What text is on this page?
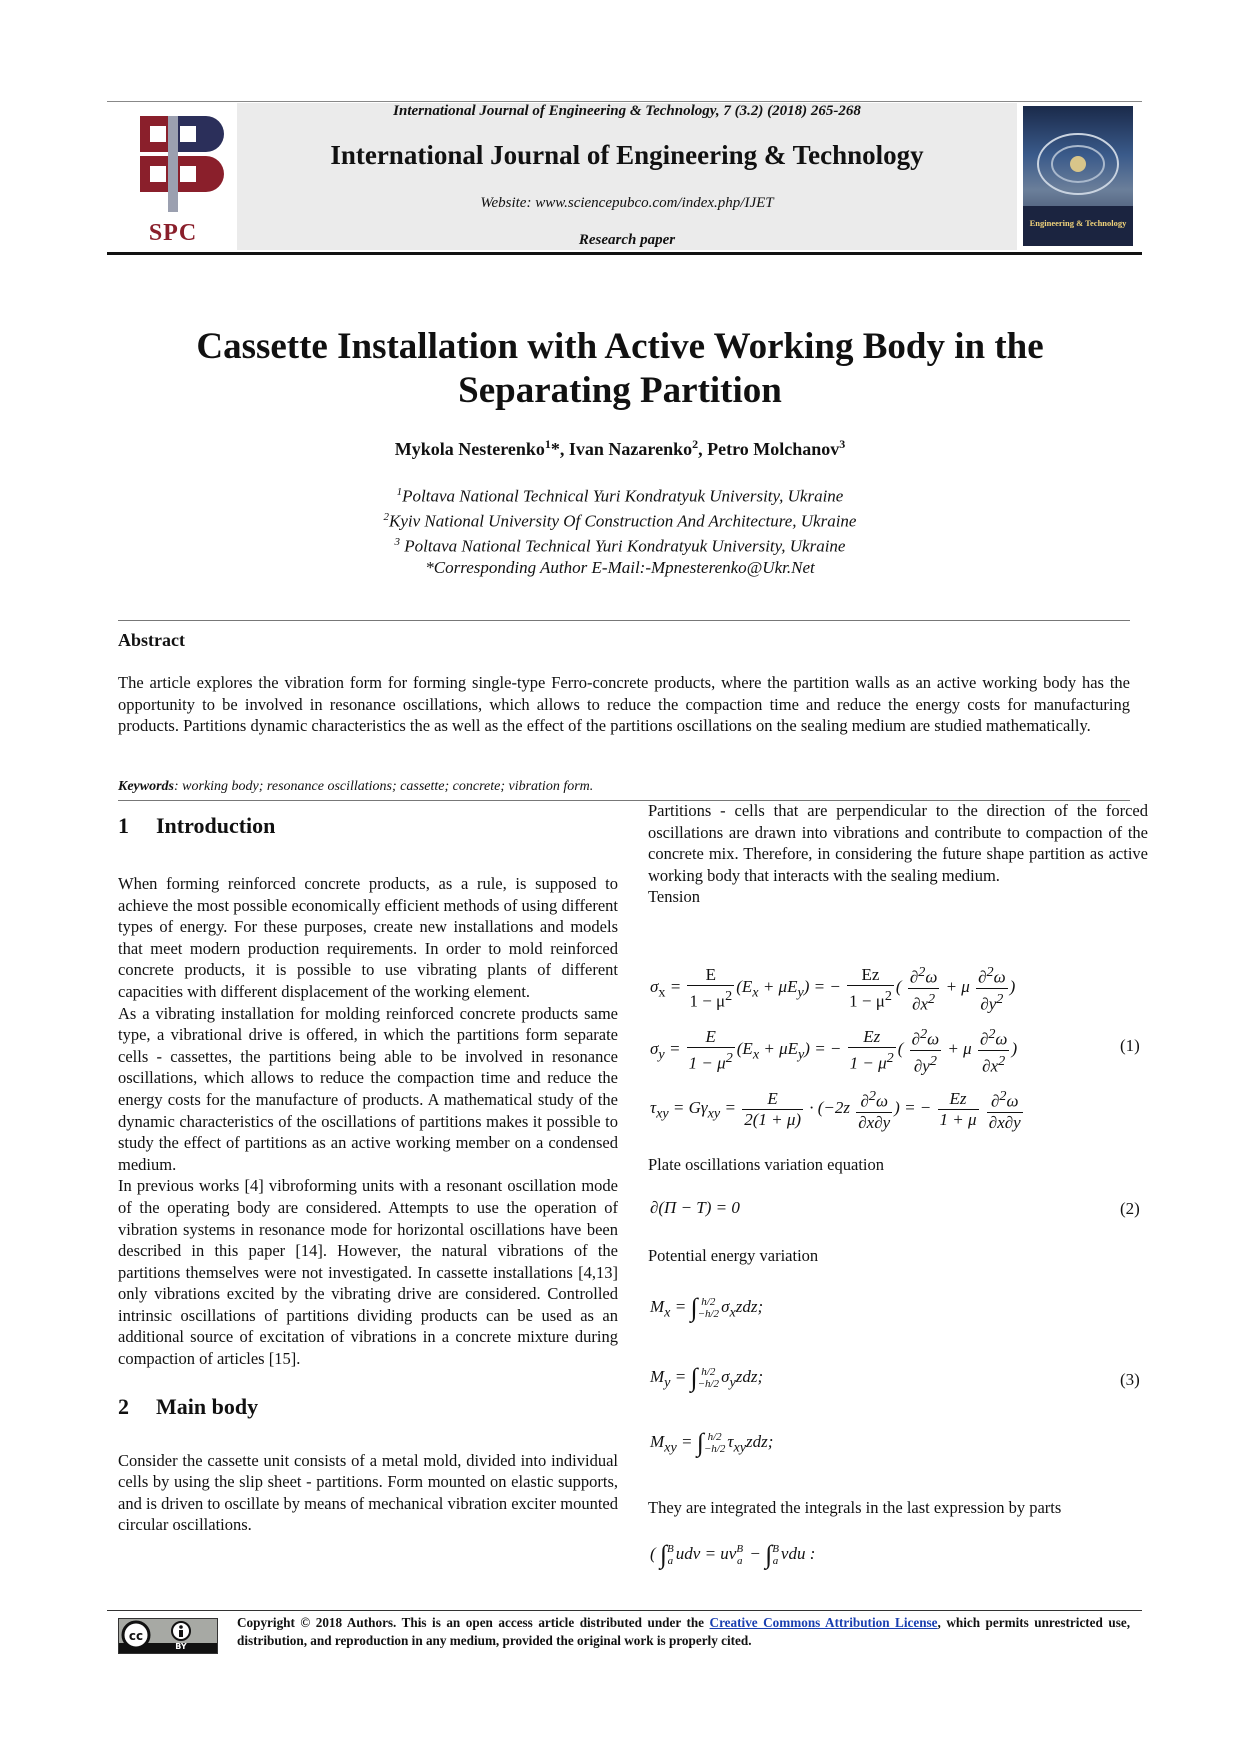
SPC
International Journal of Engineering & Technology, 7 (3.2) (2018) 265-268
International Journal of Engineering & Technology
Website: www.sciencepubco.com/index.php/IJET
Research paper
Engineering & Technology
Cassette Installation with Active Working Body in the Separating Partition
Mykola Nesterenko$^1$*, Ivan Nazarenko$^2$, Petro Molchanov$^3$
$^1$Poltava National Technical Yuri Kondratyuk University, Ukraine
$^2$Kyiv National University Of Construction And Architecture, Ukraine
$^3$ Poltava National Technical Yuri Kondratyuk University, Ukraine
*Corresponding Author E-Mail:-Mpnesterenko@Ukr.Net
Abstract
The article explores the vibration form for forming single-type Ferro-concrete products, where the partition walls as an active working body has the opportunity to be involved in resonance oscillations, which allows to reduce the compaction time and reduce the energy costs for manufacturing products. Partitions dynamic characteristics the as well as the effect of the partitions oscillations on the sealing medium are studied mathematically.
Keywords: working body; resonance oscillations; cassette; concrete; vibration form.
1 Introduction

When forming reinforced concrete products, as a rule, is supposed to achieve the most possible economically efficient methods of using different types of energy. For these purposes, create new installations and models that meet modern production requirements. In order to mold reinforced concrete products, it is possible to use vibrating plants of different capacities with different displacement of the working element.

As a vibrating installation for molding reinforced concrete products same type, a vibrational drive is offered, in which the partitions form separate cells - cassettes, the partitions being able to be involved in resonance oscillations, which allows to reduce the compaction time and reduce the energy costs for the manufacture of products. A mathematical study of the dynamic characteristics of the oscillations of partitions makes it possible to study the effect of partitions as an active working member on a condensed medium.

In previous works [4] vibroforming units with a resonant oscillation mode of the operating body are considered. Attempts to use the operation of vibration systems in resonance mode for horizontal oscillations have been described in this paper [14]. However, the natural vibrations of the partitions themselves were not investigated. In cassette installations [4,13] only vibrations excited by the vibrating drive are considered. Controlled intrinsic oscillations of partitions dividing products can be used as an additional source of excitation of vibrations in a concrete mixture during compaction of articles [15].

2 Main body

Consider the cassette unit consists of a metal mold, divided into individual cells by using the slip sheet - partitions. Form mounted on elastic supports, and is driven to oscillate by means of mechanical vibration exciter mounted circular oscillations.

Partitions - cells that are perpendicular to the direction of the forced oscillations are drawn into vibrations and contribute to compaction of the concrete mix. Therefore, in considering the future shape partition as active working body that interacts with the sealing medium.

Tension

$\sigma_x = \frac{E}{1 - \mu^2} (E_x + \mu E_y)$ = − $\frac{Ez}{1 - \mu^2}$ ( $\frac{\partial^2\omega}{\partial x^2} + \mu \frac{\partial^2\omega}{\partial y^2}$ )
$\sigma_y = \frac{E}{1 - \mu^2} (E_x + \mu E_y)$ = − $\frac{Ez}{1 - \mu^2}$ ( $\frac{\partial^2\omega}{\partial y^2} + \mu \frac{\partial^2\omega}{\partial x^2}$ )
$\tau_{xy} = G\gamma_{xy} = \frac{E}{2(1 + \mu)} \cdot (-2z \frac{\partial^2\omega}{\partial x\partial y}$ ) = − $\frac{Ez}{1 + \mu}$
$\frac{\partial^2\omega}{\partial x\partial y}$
(1)
Plate oscillations variation equation
∂(Π − T) = 0	(2)
Potential energy variation
$M_x$ = ∫ h/2
−h/2 $\sigma_xzdz$;
$M_y$ = ∫ h/2
−h/2 $\sigma_yzdz$;
$M_{xy}$ = ∫ h/2
−h/2 $\tau_{xy}zdz$;
(3)
They are integrated the integrals in the last expression by parts
( ∫B
a udv = uvB
a − ∫B
a vdu :
cc
BY
Copyright © 2018 Authors. This is an open access article distributed under the Creative Commons Attribution License, which permits unrestricted use, distribution, and reproduction in any medium, provided the original work is properly cited.
